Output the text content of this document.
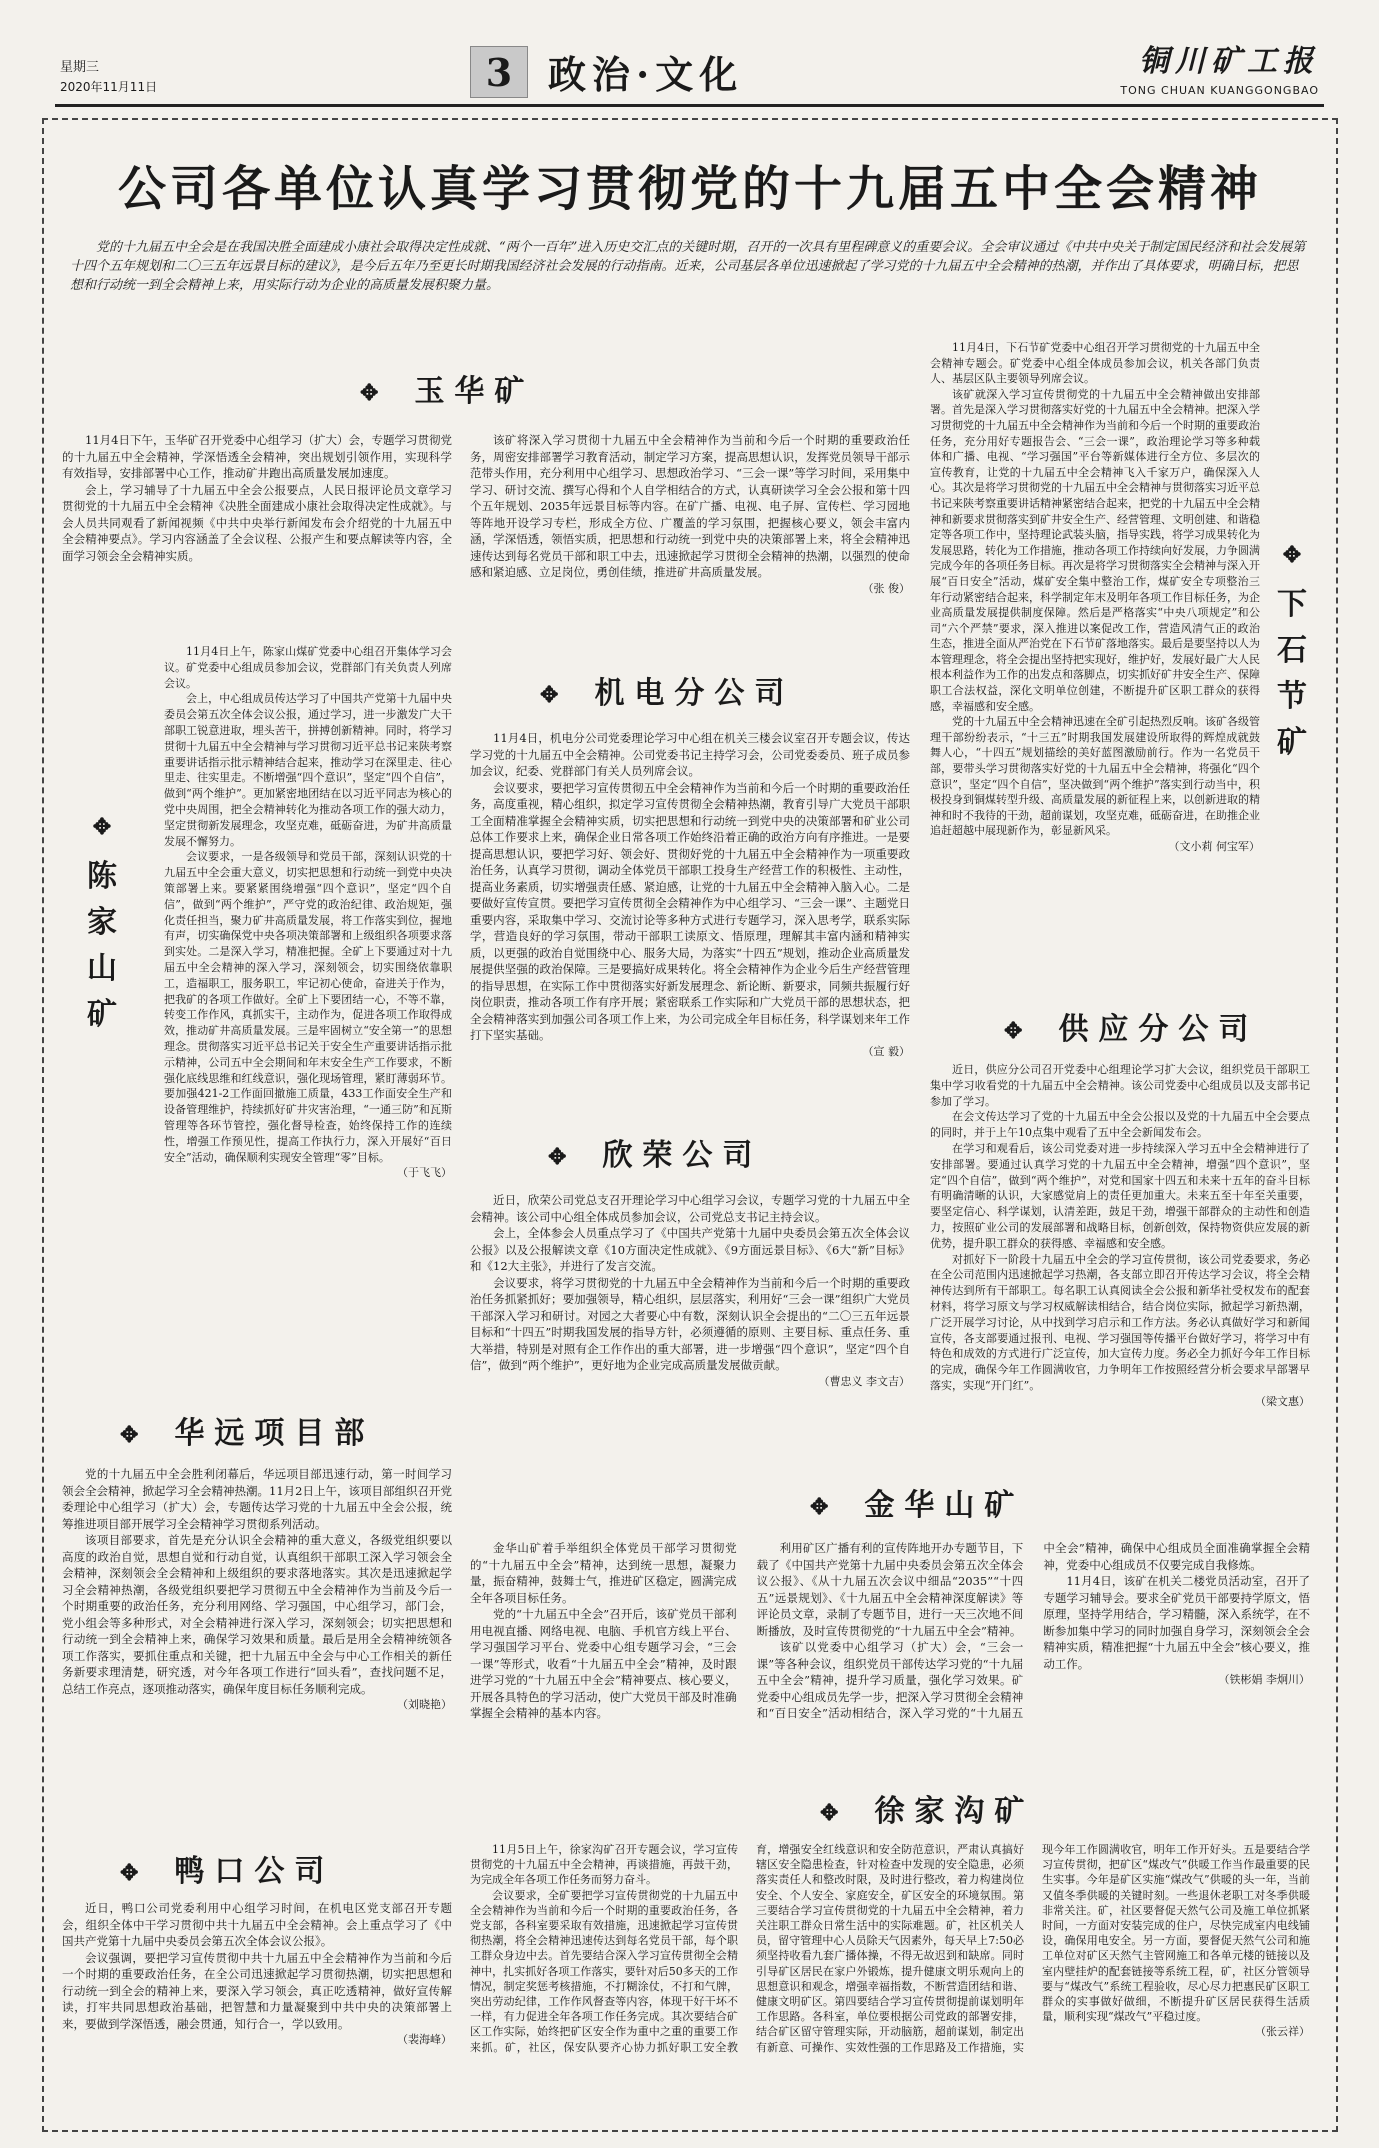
星期三
2020年11月11日	3 政治·文化	铜川矿工报
TONG CHUAN KUANGGONGBAO
公司各单位认真学习贯彻党的十九届五中全会精神

党的十九届五中全会是在我国决胜全面建成小康社会取得决定性成就、“两个一百年”进入历史交汇点的关键时期，召开的一次具有里程碑意义的重要会议。全会审议通过《中共中央关于制定国民经济和社会发展第十四个五年规划和二〇三五年远景目标的建议》，是今后五年乃至更长时期我国经济社会发展的行动指南。近来，公司基层各单位迅速掀起了学习党的十九届五中全会精神的热潮，并作出了具体要求，明确目标，把思想和行动统一到全会精神上来，用实际行动为企业的高质量发展积聚力量。

✥ 玉华矿

11月4日下午，玉华矿召开党委中心组学习（扩大）会，专题学习贯彻党的十九届五中全会精神，学深悟透全会精神，突出规划引领作用，实现科学有效指导，安排部署中心工作，推动矿井跑出高质量发展加速度。

会上，学习辅导了十九届五中全会公报要点，人民日报评论员文章学习贯彻党的十九届五中全会精神《决胜全面建成小康社会取得决定性成就》。与会人员共同观看了新闻视频《中共中央举行新闻发布会介绍党的十九届五中全会精神要点》。学习内容涵盖了全会议程、公报产生和要点解读等内容，全面学习领会全会精神实质。

该矿将深入学习贯彻十九届五中全会精神作为当前和今后一个时期的重要政治任务，周密安排部署学习教育活动，制定学习方案，提高思想认识，发挥党员领导干部示范带头作用，充分利用中心组学习、思想政治学习、“三会一课”等学习时间，采用集中学习、研讨交流、撰写心得和个人自学相结合的方式，认真研读学习全会公报和第十四个五年规划、2035年远景目标等内容。在矿广播、电视、电子屏、宣传栏、学习园地等阵地开设学习专栏，形成全方位、广覆盖的学习氛围，把握核心要义，领会丰富内涵，学深悟透，领悟实质，把思想和行动统一到党中央的决策部署上来，将全会精神迅速传达到每名党员干部和职工中去，迅速掀起学习贯彻全会精神的热潮，以强烈的使命感和紧迫感、立足岗位，勇创佳绩，推进矿井高质量发展。

（张 俊）
✥
陈家山矿

11月4日上午，陈家山煤矿党委中心组召开集体学习会议。矿党委中心组成员参加会议，党群部门有关负责人列席会议。

会上，中心组成员传达学习了中国共产党第十九届中央委员会第五次全体会议公报，通过学习，进一步激发广大干部职工锐意进取，埋头苦干，拼搏创新精神。同时，将学习贯彻十九届五中全会精神与学习贯彻习近平总书记来陕考察重要讲话指示批示精神结合起来，推动学习在深里走、往心里走、往实里走。不断增强“四个意识”，坚定“四个自信”，做到“两个维护”。更加紧密地团结在以习近平同志为核心的党中央周围，把全会精神转化为推动各项工作的强大动力，坚定贯彻新发展理念，攻坚克难，砥砺奋进，为矿井高质量发展不懈努力。

会议要求，一是各级领导和党员干部，深刻认识党的十九届五中全会重大意义，切实把思想和行动统一到党中央决策部署上来。要紧紧围绕增强“四个意识”，坚定“四个自信”，做到“两个维护”，严守党的政治纪律、政治规矩，强化责任担当，聚力矿井高质量发展，将工作落实到位，握地有声，切实确保党中央各项决策部署和上级组织各项要求落到实处。二是深入学习，精准把握。全矿上下要通过对十九届五中全会精神的深入学习，深刻领会，切实围绕依靠职工，造福职工，服务职工，牢记初心使命，奋进关于作为，把我矿的各项工作做好。全矿上下要团结一心，不等不靠，转变工作作风，真抓实干，主动作为，促进各项工作取得成效，推动矿井高质量发展。三是牢固树立“安全第一”的思想理念。贯彻落实习近平总书记关于安全生产重要讲话指示批示精神，公司五中全会期间和年末安全生产工作要求，不断强化底线思维和红线意识，强化现场管理，紧盯薄弱环节。要加强421-2工作面回撤施工质量，433工作面安全生产和设备管理维护，持续抓好矿井灾害治理，“一通三防”和瓦斯管理等各环节管控，强化督导检查，始终保持工作的连续性，增强工作预见性，提高工作执行力，深入开展好“百日安全”活动，确保顺利实现安全管理“零”目标。

（于飞飞）
✥ 机电分公司

11月4日，机电分公司党委理论学习中心组在机关三楼会议室召开专题会议，传达学习党的十九届五中全会精神。公司党委书记主持学习会，公司党委委员、班子成员参加会议，纪委、党群部门有关人员列席会议。

会议要求，要把学习宣传贯彻五中全会精神作为当前和今后一个时期的重要政治任务，高度重视，精心组织，拟定学习宣传贯彻全会精神热潮，教育引导广大党员干部职工全面精准掌握全会精神实质，切实把思想和行动统一到党中央的决策部署和矿业公司总体工作要求上来，确保企业日常各项工作始终沿着正确的政治方向有序推进。一是要提高思想认识，要把学习好、领会好、贯彻好党的十九届五中全会精神作为一项重要政治任务，认真学习贯彻，调动全体党员干部职工投身生产经营工作的积极性、主动性，提高业务素质，切实增强责任感、紧迫感，让党的十九届五中全会精神入脑入心。二是要做好宣传宣贯。要把学习宣传贯彻全会精神作为中心组学习、“三会一课”、主题党日重要内容，采取集中学习、交流讨论等多种方式进行专题学习，深入思考学，联系实际学，营造良好的学习氛围，带动干部职工读原文、悟原理，理解其丰富内涵和精神实质，以更强的政治自觉围绕中心、服务大局，为落实“十四五”规划，推动企业高质量发展提供坚强的政治保障。三是要搞好成果转化。将全会精神作为企业今后生产经营管理的指导思想，在实际工作中贯彻落实好新发展理念、新论断、新要求，同频共振履行好岗位职责，推动各项工作有序开展；紧密联系工作实际和广大党员干部的思想状态，把全会精神落实到加强公司各项工作上来，为公司完成全年目标任务，科学谋划来年工作打下坚实基础。

（宣 毅）
✥ 欣荣公司

近日，欣荣公司党总支召开理论学习中心组学习会议，专题学习党的十九届五中全会精神。该公司中心组全体成员参加会议，公司党总支书记主持会议。

会上，全体参会人员重点学习了《中国共产党第十九届中央委员会第五次全体会议公报》以及公报解读文章《10方面决定性成就》、《9方面远景目标》、《6大“新”目标》和《12大主张》，并进行了发言交流。

会议要求，将学习贯彻党的十九届五中全会精神作为当前和今后一个时期的重要政治任务抓紧抓好；要加强领导，精心组织，层层落实，利用好“三会一课”组织广大党员干部深入学习和研讨。对园之大者要心中有数，深刻认识全会提出的“二〇三五年远景目标和“十四五”时期我国发展的指导方针，必须遵循的原则、主要目标、重点任务、重大举措，特别是对照有企工作作出的重大部署，进一步增强“四个意识”，坚定“四个自信”，做到“两个维护”，更好地为企业完成高质量发展做贡献。

（曹忠义 李文吉）
✥
下石节矿

11月4日，下石节矿党委中心组召开学习贯彻党的十九届五中全会精神专题会。矿党委中心组全体成员参加会议，机关各部门负责人、基层区队主要领导列席会议。

该矿就深入学习宣传贯彻党的十九届五中全会精神做出安排部署。首先是深入学习贯彻落实好党的十九届五中全会精神。把深入学习贯彻党的十九届五中全会精神作为当前和今后一个时期的重要政治任务，充分用好专题报告会、“三会一课”，政治理论学习等多种载体和广播、电视、“学习强国”平台等新媒体进行全方位、多层次的宣传教育，让党的十九届五中全会精神飞入千家万户，确保深入人心。其次是将学习贯彻党的十九届五中全会精神与贯彻落实习近平总书记来陕考察重要讲话精神紧密结合起来，把党的十九届五中全会精神和新要求贯彻落实到矿井安全生产、经营管理、文明创建、和谐稳定等各项工作中，坚持理论武装头脑，指导实践，将学习成果转化为发展思路，转化为工作措施，推动各项工作持续向好发展，力争圆满完成今年的各项任务目标。再次是将学习贯彻落实全会精神与深入开展“百日安全”活动，煤矿安全集中整治工作，煤矿安全专项整治三年行动紧密结合起来，科学制定年末及明年各项工作目标任务，为企业高质量发展提供制度保障。然后是严格落实“中央八项规定”和公司“六个严禁”要求，深入推进以案促改工作，营造风清气正的政治生态，推进全面从严治党在下石节矿落地落实。最后是要坚持以人为本管理理念，将全会提出坚持把实现好，维护好，发展好最广大人民根本利益作为工作的出发点和落脚点，切实抓好矿井安全生产、保障职工合法权益，深化文明单位创建，不断提升矿区职工群众的获得感，幸福感和安全感。

党的十九届五中全会精神迅速在全矿引起热烈反响。该矿各级管理干部纷纷表示，“十三五”时期我国发展建设所取得的辉煌成就鼓舞人心，“十四五”规划描绘的美好蓝图激励前行。作为一名党员干部，要带头学习贯彻落实好党的十九届五中全会精神，将强化“四个意识”，坚定“四个自信”，坚决做到“两个维护”落实到行动当中，积极投身到铜煤转型升级、高质量发展的新征程上来，以创新进取的精神和时不我待的干劲，超前谋划，攻坚克难，砥砺奋进，在助推企业追赶超越中展现新作为，彰显新风采。

（文小莉 何宝军）
✥ 供应分公司

近日，供应分公司召开党委中心组理论学习扩大会议，组织党员干部职工集中学习收看党的十九届五中全会精神。该公司党委中心组成员以及支部书记参加了学习。

在会文传达学习了党的十九届五中全会公报以及党的十九届五中全会要点的同时，并于上午10点集中观看了五中全会新闻发布会。

在学习和观看后，该公司党委对进一步持续深入学习五中全会精神进行了安排部署。要通过认真学习党的十九届五中全会精神，增强“四个意识”，坚定“四个自信”，做到“两个维护”，对党和国家十四五和未来十五年的奋斗目标有明确清晰的认识，大家感觉肩上的责任更加重大。未来五至十年至关重要，要坚定信心、科学谋划，认清差距，鼓足干劲，增强干部群众的主动性和创造力，按照矿业公司的发展部署和战略目标，创新创效，保持物资供应发展的新优势，提升职工群众的获得感、幸福感和安全感。

对抓好下一阶段十九届五中全会的学习宣传贯彻，该公司党委要求，务必在全公司范围内迅速掀起学习热潮，各支部立即召开传达学习会议，将全会精神传达到所有干部职工。每名职工认真阅读全会公报和新华社受权发布的配套材料，将学习原文与学习权威解读相结合，结合岗位实际，掀起学习新热潮，广泛开展学习讨论，从中找到学习启示和工作方法。务必认真做好学习和新闻宣传，各支部要通过报刊、电视、学习强国等传播平台做好学习，将学习中有特色和成效的方式进行广泛宣传，加大宣传力度。务必全力抓好今年工作目标的完成，确保今年工作圆满收官，力争明年工作按照经营分析会要求早部署早落实，实现“开门红”。

（梁文惠）
✥ 华远项目部

党的十九届五中全会胜利闭幕后，华远项目部迅速行动，第一时间学习领会全会精神，掀起学习全会精神热潮。11月2日上午，该项目部组织召开党委理论中心组学习（扩大）会，专题传达学习党的十九届五中全会公报，统筹推进项目部开展学习全会精神学习贯彻系列活动。

该项目部要求，首先是充分认识全会精神的重大意义，各级党组织要以高度的政治自觉，思想自觉和行动自觉，认真组织干部职工深入学习领会全会精神，深刻领会全会精神和上级组织的要求落地落实。其次是迅速掀起学习全会精神热潮，各级党组织要把学习贯彻五中全会精神作为当前及今后一个时期重要的政治任务，充分利用网络、学习强国，中心组学习，部门会，党小组会等多种形式，对全会精神进行深入学习，深刻领会；切实把思想和行动统一到全会精神上来，确保学习效果和质量。最后是用全会精神统领各项工作落实，要抓住重点和关键，把十九届五中全会与中心工作相关的新任务新要求理清楚，研究透，对今年各项工作进行“回头看”，查找问题不足，总结工作亮点，逐项推动落实，确保年度目标任务顺利完成。

（刘晓艳）
✥ 金华山矿

金华山矿着手举组织全体党员干部学习贯彻党的“十九届五中全会”精神，达到统一思想，凝聚力量，振奋精神，鼓舞士气，推进矿区稳定，圆满完成全年各项目标任务。

党的“十九届五中全会”召开后，该矿党员干部利用电视直播、网络电视、电脑、手机官方线上平台、学习强国学习平台、党委中心组专题学习会，“三会一课”等形式，收看“十九届五中全会”精神，及时跟进学习党的“十九届五中全会”精神要点、核心要义，开展各具特色的学习活动，使广大党员干部及时准确掌握全会精神的基本内容。

利用矿区广播有利的宣传阵地开办专题节目，下载了《中国共产党第十九届中央委员会第五次全体会议公报》、《从十九届五次会议中细品“2035”“十四五”远景规划》、《十九届五中全会精神深度解读》等评论员文章，录制了专题节目，进行一天三次地不间断播放，及时宣传贯彻党的“十九届五中全会”精神。

该矿以党委中心组学习（扩大）会，“三会一课”等各种会议，组织党员干部传达学习党的“十九届五中全会”精神，提升学习质量，强化学习效果。矿党委中心组成员先学一步，把深入学习贯彻全会精神和“百日安全”活动相结合，深入学习党的“十九届五中全会”精神，确保中心组成员全面准确掌握全会精神，党委中心组成员不仅要完成自我修炼。

11月4日，该矿在机关二楼党员活动室，召开了专题学习辅导会。要求全矿党员干部要持学原文，悟原理，坚持学用结合，学习精髓，深入系统学，在不断参加集中学习的同时加强自身学习，深刻领会全会精神实质，精准把握“十九届五中全会”核心要义，推动工作。

（铁彬娟 李炯川）
✥ 鸭口公司

近日，鸭口公司党委利用中心组学习时间，在机电区党支部召开专题会，组织全体中干学习贯彻中共十九届五中全会精神。会上重点学习了《中国共产党第十九届中央委员会第五次全体会议公报》。

会议强调，要把学习宣传贯彻中共十九届五中全会精神作为当前和今后一个时期的重要政治任务，在全公司迅速掀起学习贯彻热潮，切实把思想和行动统一到全会的精神上来，要深入学习领会，真正吃透精神，做好宣传解读，打牢共同思想政治基础，把智慧和力量凝聚到中共中央的决策部署上来，要做到学深悟透，融会贯通，知行合一，学以致用。

（裴海峰）
✥ 徐家沟矿

11月5日上午，徐家沟矿召开专题会议，学习宣传贯彻党的十九届五中全会精神，再谈措施，再鼓干劲，为完成全年各项工作任务而努力奋斗。

会议要求，全矿要把学习宣传贯彻党的十九届五中全会精神作为当前和今后一个时期的重要政治任务，各党支部，各科室要采取有效措施，迅速掀起学习宣传贯彻热潮，将全会精神迅速传达到每名党员干部，每个职工群众身边中去。首先要结合深入学习宣传贯彻全会精神中，扎实抓好各项工作落实，要针对后50多天的工作情况，制定奖惩考核措施，不打糊涂仗，不打和气牌，突出劳动纪律，工作作风督查等内容，体现干好干坏不一样，有力促进全年各项工作任务完成。其次要结合矿区工作实际，始终把矿区安全作为重中之重的重要工作来抓。矿，社区，保安队要齐心协力抓好职工安全教育，增强安全红线意识和安全防范意识，严肃认真搞好辖区安全隐患检查，针对检查中发现的安全隐患，必须落实责任人和整改时限，及时进行整改，着力构建岗位安全、个人安全、家庭安全，矿区安全的环境氛围。第三要结合学习宣传贯彻党的十九届五中全会精神，着力关注职工群众日常生活中的实际难题。矿，社区机关人员，留守管理中心人员除天气因素外，每天早上7:50必须坚持收看九套广播体操，不得无故迟到和缺席。同时引导矿区居民在家户外锻炼，提升健康文明乐观向上的思想意识和观念，增强幸福指数，不断营造团结和谐、健康文明矿区。第四要结合学习宣传贯彻提前谋划明年工作思路。各科室，单位要根据公司党政的部署安排，结合矿区留守管理实际，开动脑筋，超前谋划，制定出有新意、可操作、实效性强的工作思路及工作措施，实现今年工作圆满收官，明年工作开好头。五是要结合学习宣传贯彻，把矿区“煤改气”供暖工作当作最重要的民生实事。今年是矿区实施“煤改气”供暖的头一年，当前又值冬季供暖的关键时刻。一些退休老职工对冬季供暖非常关注。矿，社区要督促天然气公司及施工单位抓紧时间，一方面对安装完成的住户，尽快完成室内电线铺设，确保用电安全。另一方面，要督促天然气公司和施工单位对矿区天然气主管网施工和各单元楼的链接以及室内壁挂炉的配套链接等系统工程，矿，社区分管领导要与“煤改气”系统工程验收，尽心尽力把惠民矿区职工群众的实事做好做细，不断提升矿区居民获得生活质量，顺利实现“煤改气”平稳过度。

（张云祥）
